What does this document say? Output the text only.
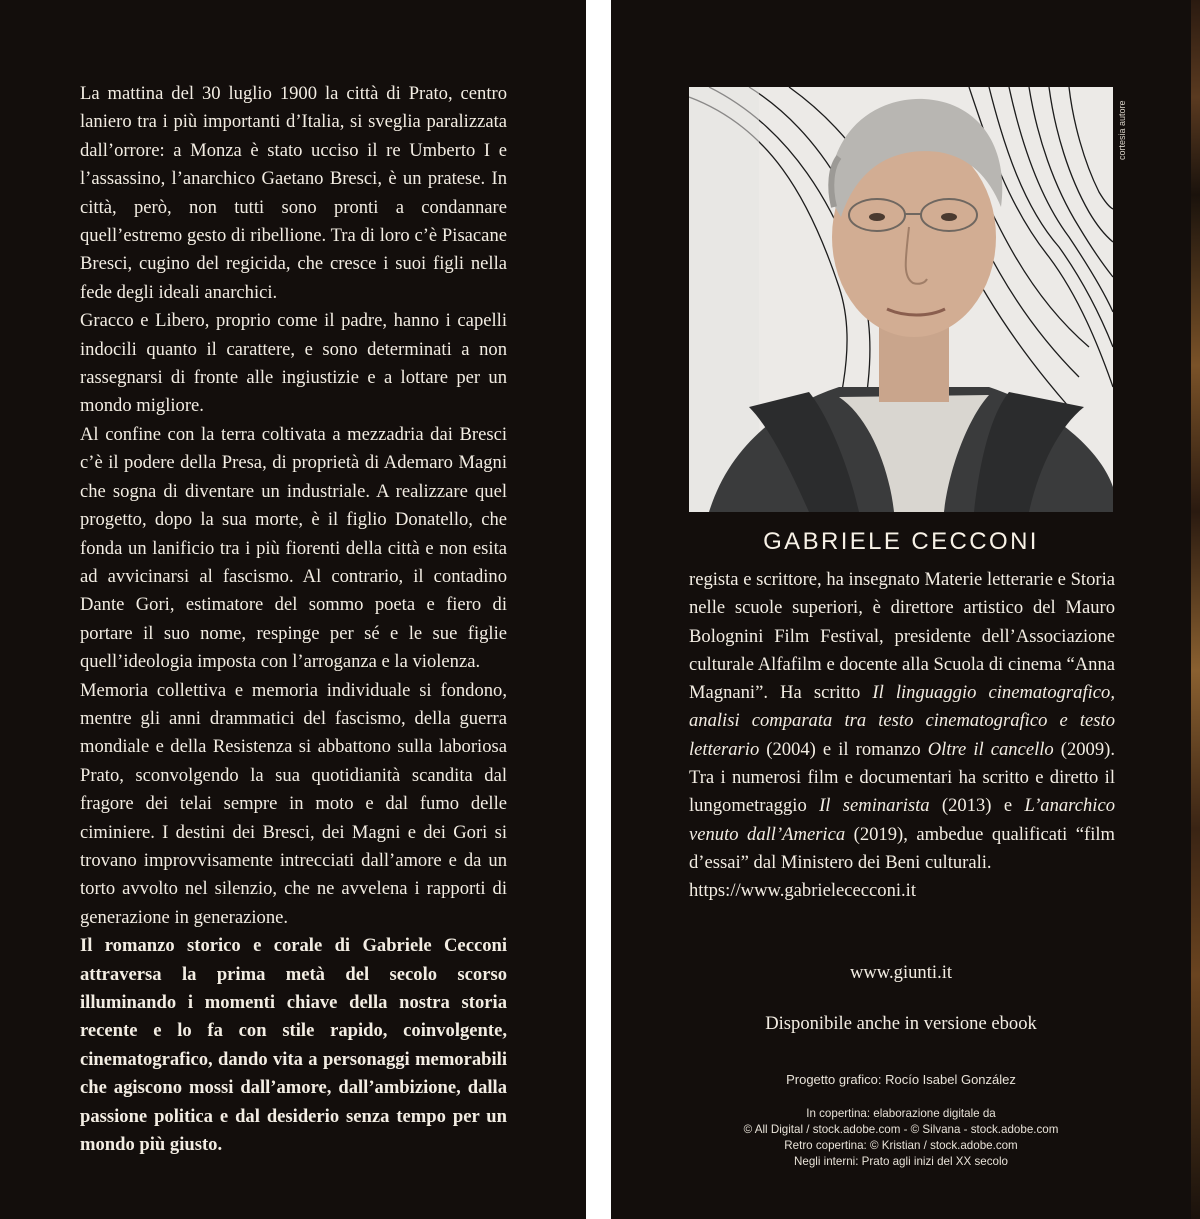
La mattina del 30 luglio 1900 la città di Prato, centro laniero tra i più importanti d’Italia, si sveglia paralizzata dall’orrore: a Monza è stato ucciso il re Umberto I e l’assassino, l’anarchico Gaetano Bresci, è un pratese. In città, però, non tutti sono pronti a condannare quell’estremo gesto di ribellione. Tra di loro c’è Pisacane Bresci, cugino del regicida, che cresce i suoi figli nella fede degli ideali anarchici.

Gracco e Libero, proprio come il padre, hanno i capelli indocili quanto il carattere, e sono determinati a non rassegnarsi di fronte alle ingiustizie e a lottare per un mondo migliore.

Al confine con la terra coltivata a mezzadria dai Bresci c’è il podere della Presa, di proprietà di Ademaro Magni che sogna di diventare un industriale. A realizzare quel progetto, dopo la sua morte, è il figlio Donatello, che fonda un lanificio tra i più fiorenti della città e non esita ad avvicinarsi al fascismo. Al contrario, il contadino Dante Gori, estimatore del sommo poeta e fiero di portare il suo nome, respinge per sé e le sue figlie quell’ideologia imposta con l’arroganza e la violenza.

Memoria collettiva e memoria individuale si fondono, mentre gli anni drammatici del fascismo, della guerra mondiale e della Resistenza si abbattono sulla laboriosa Prato, sconvolgendo la sua quotidianità scandita dal fragore dei telai sempre in moto e dal fumo delle ciminiere. I destini dei Bresci, dei Magni e dei Gori si trovano improvvisamente intrecciati dall’amore e da un torto avvolto nel silenzio, che ne avvelena i rapporti di generazione in generazione.

Il romanzo storico e corale di Gabriele Cecconi attraversa la prima metà del secolo scorso illuminando i momenti chiave della nostra storia recente e lo fa con stile rapido, coinvolgente, cinematografico, dando vita a personaggi memorabili che agiscono mossi dall’amore, dall’ambizione, dalla passione politica e dal desiderio senza tempo per un mondo più giusto.

cortesia autore
GABRIELE CECCONI

regista e scrittore, ha insegnato Materie letterarie e Storia nelle scuole superiori, è direttore artistico del Mauro Bolognini Film Festival, presidente dell’Associazione culturale Alfafilm e docente alla Scuola di cinema “Anna Magnani”. Ha scritto Il linguaggio cinematografico, analisi comparata tra testo cinematografico e testo letterario (2004) e il romanzo Oltre il cancello (2009). Tra i numerosi film e documentari ha scritto e diretto il lungometraggio Il seminarista (2013) e L’anarchico venuto dall’America (2019), ambedue qualificati “film d’essai” dal Ministero dei Beni culturali.

https://www.gabrielececconi.it
www.giunti.it
Disponibile anche in versione ebook
Progetto grafico: Rocío Isabel González
In copertina: elaborazione digitale da
© All Digital / stock.adobe.com - © Silvana - stock.adobe.com
Retro copertina: © Kristian / stock.adobe.com
Negli interni: Prato agli inizi del XX secolo
